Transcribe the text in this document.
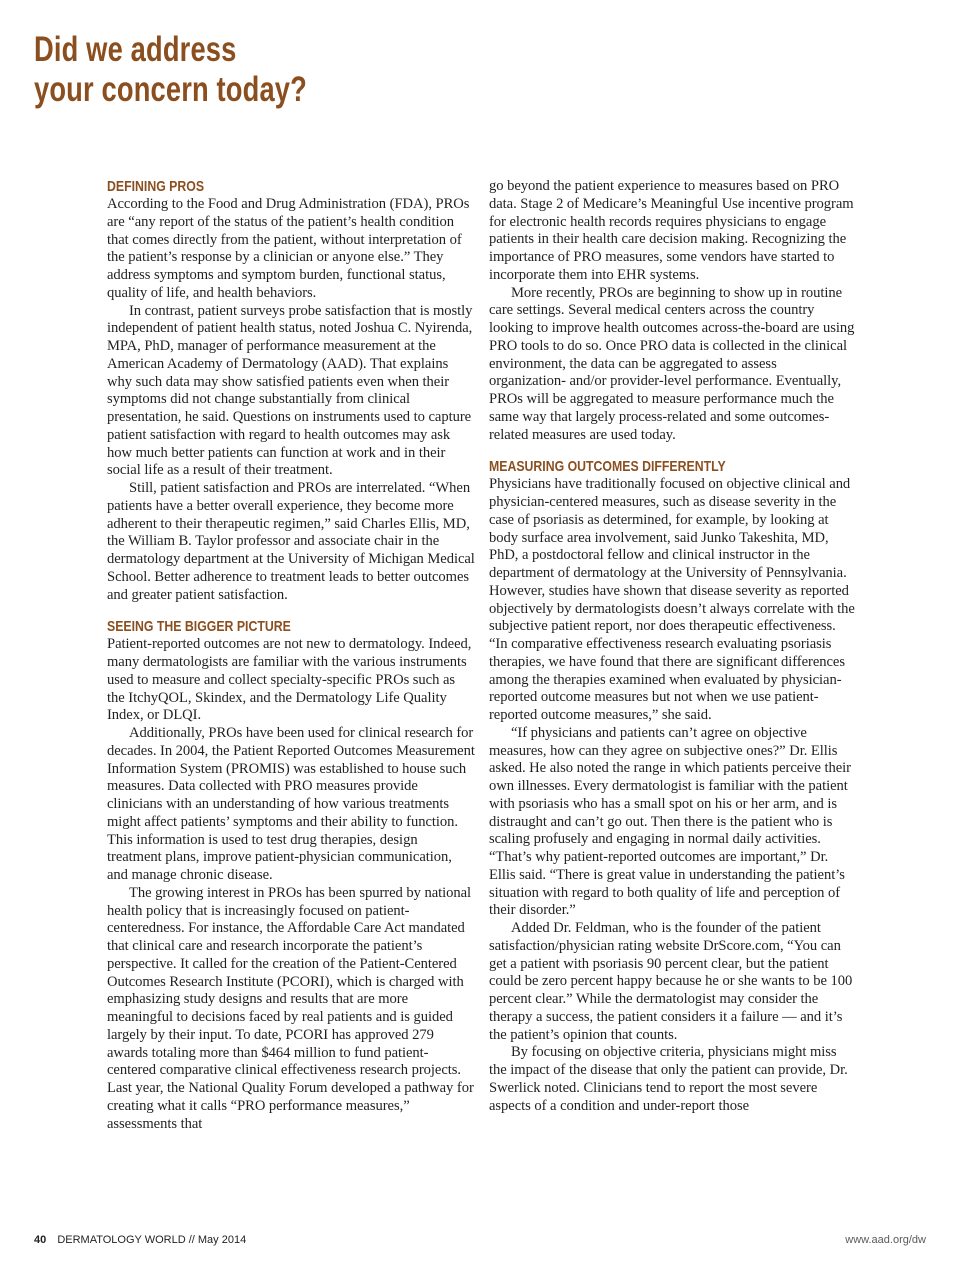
Did we address
your concern today?
DEFINING PROS

According to the Food and Drug Administration (FDA), PROs are “any report of the status of the patient’s health condition that comes directly from the patient, without interpretation of the patient’s response by a clinician or anyone else.” They address symptoms and symptom burden, functional status, quality of life, and health behaviors.

In contrast, patient surveys probe satisfaction that is mostly independent of patient health status, noted Joshua C. Nyirenda, MPA, PhD, manager of performance measurement at the American Academy of Dermatology (AAD). That explains why such data may show satisfied patients even when their symptoms did not change substantially from clinical presentation, he said. Questions on instruments used to capture patient satisfaction with regard to health outcomes may ask how much better patients can function at work and in their social life as a result of their treatment.

Still, patient satisfaction and PROs are interrelated. “When patients have a better overall experience, they become more adherent to their therapeutic regimen,” said Charles Ellis, MD, the William B. Taylor professor and associate chair in the dermatology department at the University of Michigan Medical School. Better adherence to treatment leads to better outcomes and greater patient satisfaction.

SEEING THE BIGGER PICTURE

Patient-reported outcomes are not new to dermatology. Indeed, many dermatologists are familiar with the various instruments used to measure and collect specialty-specific PROs such as the ItchyQOL, Skindex, and the Dermatology Life Quality Index, or DLQI.

Additionally, PROs have been used for clinical research for decades. In 2004, the Patient Reported Outcomes Measurement Information System (PROMIS) was established to house such measures. Data collected with PRO measures provide clinicians with an understanding of how various treatments might affect patients’ symptoms and their ability to function. This information is used to test drug therapies, design treatment plans, improve patient-physician communication, and manage chronic disease.

The growing interest in PROs has been spurred by national health policy that is increasingly focused on patient-centeredness. For instance, the Affordable Care Act mandated that clinical care and research incorporate the patient’s perspective. It called for the creation of the Patient-Centered Outcomes Research Institute (PCORI), which is charged with emphasizing study designs and results that are more meaningful to decisions faced by real patients and is guided largely by their input. To date, PCORI has approved 279 awards totaling more than $464 million to fund patient-centered comparative clinical effectiveness research projects. Last year, the National Quality Forum developed a pathway for creating what it calls “PRO performance measures,” assessments that

go beyond the patient experience to measures based on PRO data. Stage 2 of Medicare’s Meaningful Use incentive program for electronic health records requires physicians to engage patients in their health care decision making. Recognizing the importance of PRO measures, some vendors have started to incorporate them into EHR systems.

More recently, PROs are beginning to show up in routine care settings. Several medical centers across the country looking to improve health outcomes across-the-board are using PRO tools to do so. Once PRO data is collected in the clinical environment, the data can be aggregated to assess organization- and/or provider-level performance. Eventually, PROs will be aggregated to measure performance much the same way that largely process-related and some outcomes-related measures are used today.

MEASURING OUTCOMES DIFFERENTLY

Physicians have traditionally focused on objective clinical and physician-centered measures, such as disease severity in the case of psoriasis as determined, for example, by looking at body surface area involvement, said Junko Takeshita, MD, PhD, a postdoctoral fellow and clinical instructor in the department of dermatology at the University of Pennsylvania. However, studies have shown that disease severity as reported objectively by dermatologists doesn’t always correlate with the subjective patient report, nor does therapeutic effectiveness. “In comparative effectiveness research evaluating psoriasis therapies, we have found that there are significant differences among the therapies examined when evaluated by physician-reported outcome measures but not when we use patient-reported outcome measures,” she said.

“If physicians and patients can’t agree on objective measures, how can they agree on subjective ones?” Dr. Ellis asked. He also noted the range in which patients perceive their own illnesses. Every dermatologist is familiar with the patient with psoriasis who has a small spot on his or her arm, and is distraught and can’t go out. Then there is the patient who is scaling profusely and engaging in normal daily activities. “That’s why patient-reported outcomes are important,” Dr. Ellis said. “There is great value in understanding the patient’s situation with regard to both quality of life and perception of their disorder.”

Added Dr. Feldman, who is the founder of the patient satisfaction/physician rating website DrScore.com, “You can get a patient with psoriasis 90 percent clear, but the patient could be zero percent happy because he or she wants to be 100 percent clear.” While the dermatologist may consider the therapy a success, the patient considers it a failure — and it’s the patient’s opinion that counts.

By focusing on objective criteria, physicians might miss the impact of the disease that only the patient can provide, Dr. Swerlick noted. Clinicians tend to report the most severe aspects of a condition and under-report those

40 DERMATOLOGY WORLD // May 2014	www.aad.org/dw
